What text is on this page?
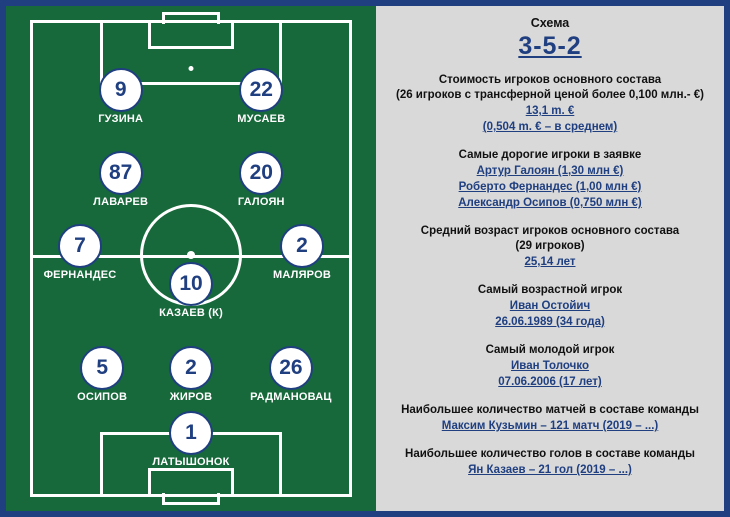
9
ГУЗИНА
22
МУСАЕВ
87
ЛАВАРЕВ
20
ГАЛОЯН
7
ФЕРНАНДЕС
2
МАЛЯРОВ
10
КАЗАЕВ (К)
5
ОСИПОВ
2
ЖИРОВ
26
РАДМАНОВАЦ
1
ЛАТЫШОНОК
Схема
3-5-2
Стоимость игроков основного состава
(26 игроков с трансферной ценой более 0,100 млн.- €)
13,1 m. €
(0,504 m. € – в среднем)
Самые дорогие игроки в заявке
Артур Галоян (1,30 млн €)
Роберто Фернандес (1,00 млн €)
Александр Осипов (0,750 млн €)
Средний возраст игроков основного состава
(29 игроков)
25,14 лет
Самый возрастной игрок
Иван Остойич
26.06.1989 (34 года)
Самый молодой игрок
Иван Толочко
07.06.2006 (17 лет)
Наибольшее количество матчей в составе команды
Максим Кузьмин – 121 матч (2019 – ...)
Наибольшее количество голов в составе команды
Ян Казаев – 21 гол (2019 – ...)
